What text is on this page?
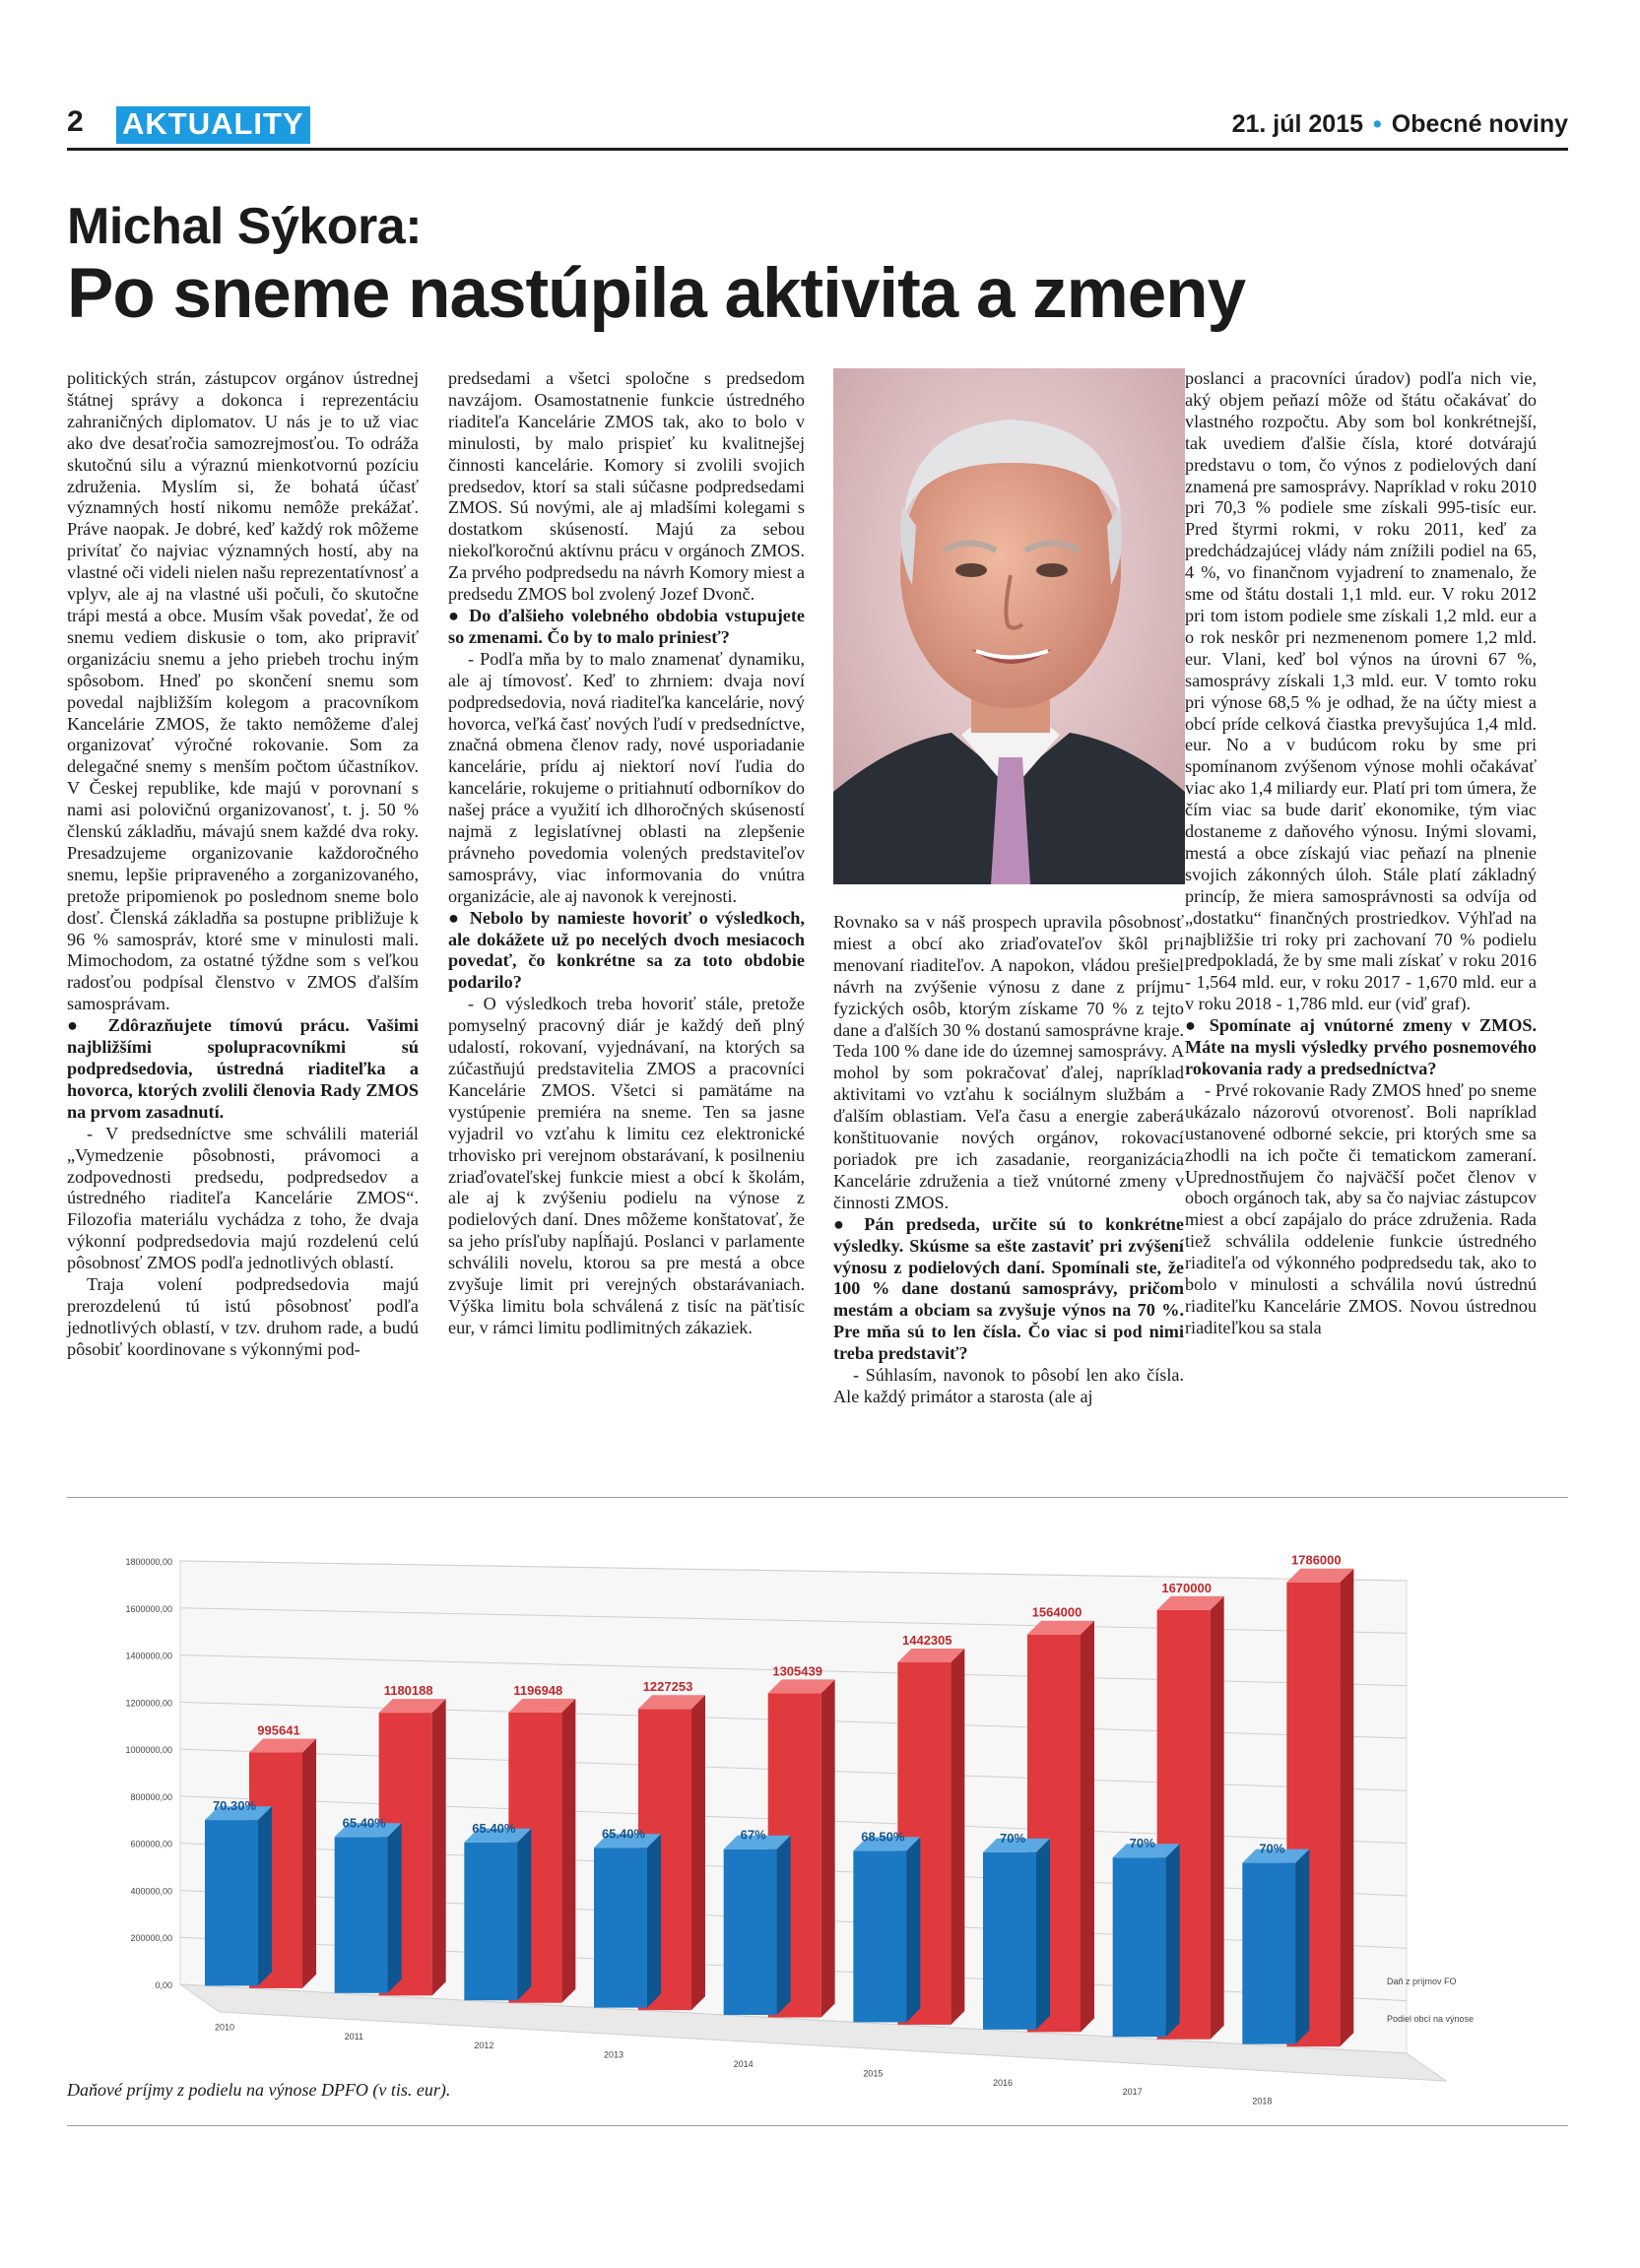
2 AKTUALITY	21. júl 2015 • Obecné noviny
Michal Sýkora:
Po sneme nastúpila aktivita a zmeny

politických strán, zástupcov orgánov ústrednej štátnej správy a dokonca i reprezentáciu zahraničných diplomatov. U nás je to už viac ako dve desaťročia samozrejmosťou. To odráža skutočnú silu a výraznú mienkotvornú pozíciu združenia. Myslím si, že bohatá účasť významných hostí nikomu nemôže prekážať. Práve naopak. Je dobré, keď každý rok môžeme privítať čo najviac významných hostí, aby na vlastné oči videli nielen našu reprezentatívnosť a vplyv, ale aj na vlastné uši počuli, čo skutočne trápi mestá a obce. Musím však povedať, že od snemu vediem diskusie o tom, ako pripraviť organizáciu snemu a jeho priebeh trochu iným spôsobom. Hneď po skončení snemu som povedal najbližším kolegom a pracovníkom Kancelárie ZMOS, že takto nemôžeme ďalej organizovať výročné rokovanie. Som za delegačné snemy s menším počtom účastníkov. V Českej republike, kde majú v porovnaní s nami asi polovičnú organizovanosť, t. j. 50 % členskú základňu, mávajú snem každé dva roky. Presadzujeme organizovanie každoročného snemu, lepšie pripraveného a zorganizovaného, pretože pripomienok po poslednom sneme bolo dosť. Členská základňa sa postupne približuje k 96 % samospráv, ktoré sme v minulosti mali. Mimochodom, za ostatné týždne som s veľkou radosťou podpísal členstvo v ZMOS ďalším samosprávam.

● Zdôrazňujete tímovú prácu. Vašimi najbližšími spolupracovníkmi sú podpredsedovia, ústredná riaditeľka a hovorca, ktorých zvolili členovia Rady ZMOS na prvom zasadnutí.

- V predsedníctve sme schválili materiál „Vymedzenie pôsobnosti, právomoci a zodpovednosti predsedu, podpredsedov a ústredného riaditeľa Kancelárie ZMOS“. Filozofia materiálu vychádza z toho, že dvaja výkonní podpredsedovia majú rozdelenú celú pôsobnosť ZMOS podľa jednotlivých oblastí.

Traja volení podpredsedovia majú prerozdelenú tú istú pôsobnosť podľa jednotlivých oblastí, v tzv. druhom rade, a budú pôsobiť koordinovane s výkonnými pod-

predsedami a všetci spoločne s predsedom navzájom. Osamostatnenie funkcie ústredného riaditeľa Kancelárie ZMOS tak, ako to bolo v minulosti, by malo prispieť ku kvalitnejšej činnosti kancelárie. Komory si zvolili svojich predsedov, ktorí sa stali súčasne podpredsedami ZMOS. Sú novými, ale aj mladšími kolegami s dostatkom skúseností. Majú za sebou niekoľkoročnú aktívnu prácu v orgánoch ZMOS. Za prvého podpredsedu na návrh Komory miest a predsedu ZMOS bol zvolený Jozef Dvonč.

● Do ďalšieho volebného obdobia vstupujete so zmenami. Čo by to malo priniesť?

- Podľa mňa by to malo znamenať dynamiku, ale aj tímovosť. Keď to zhrniem: dvaja noví podpredsedovia, nová riaditeľka kancelárie, nový hovorca, veľká časť nových ľudí v predsedníctve, značná obmena členov rady, nové usporiadanie kancelárie, prídu aj niektorí noví ľudia do kancelárie, rokujeme o pritiahnutí odborníkov do našej práce a využití ich dlhoročných skúseností najmä z legislatívnej oblasti na zlepšenie právneho povedomia volených predstaviteľov samosprávy, viac informovania do vnútra organizácie, ale aj navonok k verejnosti.

● Nebolo by namieste hovoriť o výsledkoch, ale dokážete už po necelých dvoch mesiacoch povedať, čo konkrétne sa za toto obdobie podarilo?

- O výsledkoch treba hovoriť stále, pretože pomyselný pracovný diár je každý deň plný udalostí, rokovaní, vyjednávaní, na ktorých sa zúčastňujú predstavitelia ZMOS a pracovníci Kancelárie ZMOS. Všetci si pamätáme na vystúpenie premiéra na sneme. Ten sa jasne vyjadril vo vzťahu k limitu cez elektronické trhovisko pri verejnom obstarávaní, k posilneniu zriaďovateľskej funkcie miest a obcí k školám, ale aj k zvýšeniu podielu na výnose z podielových daní. Dnes môžeme konštatovať, že sa jeho prísľuby napĺňajú. Poslanci v parlamente schválili novelu, ktorou sa pre mestá a obce zvyšuje limit pri verejných obstarávaniach. Výška limitu bola schválená z tisíc na päťtisíc eur, v rámci limitu podlimitných zákaziek.

Rovnako sa v náš prospech upravila pôsobnosť miest a obcí ako zriaďovateľov škôl pri menovaní riaditeľov. A napokon, vládou prešiel návrh na zvýšenie výnosu z dane z príjmu fyzických osôb, ktorým získame 70 % z tejto dane a ďalších 30 % dostanú samosprávne kraje. Teda 100 % dane ide do územnej samosprávy. A mohol by som pokračovať ďalej, napríklad aktivitami vo vzťahu k sociálnym službám a ďalším oblastiam. Veľa času a energie zaberá konštituovanie nových orgánov, rokovací poriadok pre ich zasadanie, reorganizácia Kancelárie združenia a tiež vnútorné zmeny v činnosti ZMOS.

● Pán predseda, určite sú to konkrétne výsledky. Skúsme sa ešte zastaviť pri zvýšení výnosu z podielových daní. Spomínali ste, že 100 % dane dostanú samosprávy, pričom mestám a obciam sa zvyšuje výnos na 70 %. Pre mňa sú to len čísla. Čo viac si pod nimi treba predstaviť?

- Súhlasím, navonok to pôsobí len ako čísla. Ale každý primátor a starosta (ale aj

poslanci a pracovníci úradov) podľa nich vie, aký objem peňazí môže od štátu očakávať do vlastného rozpočtu. Aby som bol konkrétnejší, tak uvediem ďalšie čísla, ktoré dotvárajú predstavu o tom, čo výnos z podielových daní znamená pre samosprávy. Napríklad v roku 2010 pri 70,3 % podiele sme získali 995-tisíc eur. Pred štyrmi rokmi, v roku 2011, keď za predchádzajúcej vlády nám znížili podiel na 65, 4 %, vo finančnom vyjadrení to znamenalo, že sme od štátu dostali 1,1 mld. eur. V roku 2012 pri tom istom podiele sme získali 1,2 mld. eur a o rok neskôr pri nezmenenom pomere 1,2 mld. eur. Vlani, keď bol výnos na úrovni 67 %, samosprávy získali 1,3 mld. eur. V tomto roku pri výnose 68,5 % je odhad, že na účty miest a obcí príde celková čiastka prevyšujúca 1,4 mld. eur. No a v budúcom roku by sme pri spomínanom zvýšenom výnose mohli očakávať viac ako 1,4 miliardy eur. Platí pri tom úmera, že čím viac sa bude dariť ekonomike, tým viac dostaneme z daňového výnosu. Inými slovami, mestá a obce získajú viac peňazí na plnenie svojich zákonných úloh. Stále platí základný princíp, že miera samosprávnosti sa odvíja od „dostatku“ finančných prostriedkov. Výhľad na najbližšie tri roky pri zachovaní 70 % podielu predpokladá, že by sme mali získať v roku 2016 - 1,564 mld. eur, v roku 2017 - 1,670 mld. eur a v roku 2018 - 1,786 mld. eur (viď graf).

● Spomínate aj vnútorné zmeny v ZMOS. Máte na mysli výsledky prvého posnemového rokovania rady a predsedníctva?

- Prvé rokovanie Rady ZMOS hneď po sneme ukázalo názorovú otvorenosť. Boli napríklad ustanovené odborné sekcie, pri ktorých sme sa zhodli na ich počte či tematickom zameraní. Uprednostňujem čo najväčší počet členov v oboch orgánoch tak, aby sa čo najviac zástupcov miest a obcí zapájalo do práce združenia. Rada tiež schválila oddelenie funkcie ústredného riaditeľa od výkonného podpredsedu tak, ako to bolo v minulosti a schválila novú ústrednú riaditeľku Kancelárie ZMOS. Novou ústrednou riaditeľkou sa stala

0,00
200000,00
400000,00
600000,00
800000,00
1000000,00
1200000,00
1400000,00
1600000,00
1800000,00
995641
70.30%
2010
1180188
65.40%
2011
1196948
65.40%
2012
1227253
65.40%
2013
1305439
67%
2014
1442305
68.50%
2015
1564000
70%
2016
1670000
70%
2017
1786000
70%
2018
Daň z príjmov FO
Podiel obcí na výnose
Daňové príjmy z podielu na výnose DPFO (v tis. eur).
